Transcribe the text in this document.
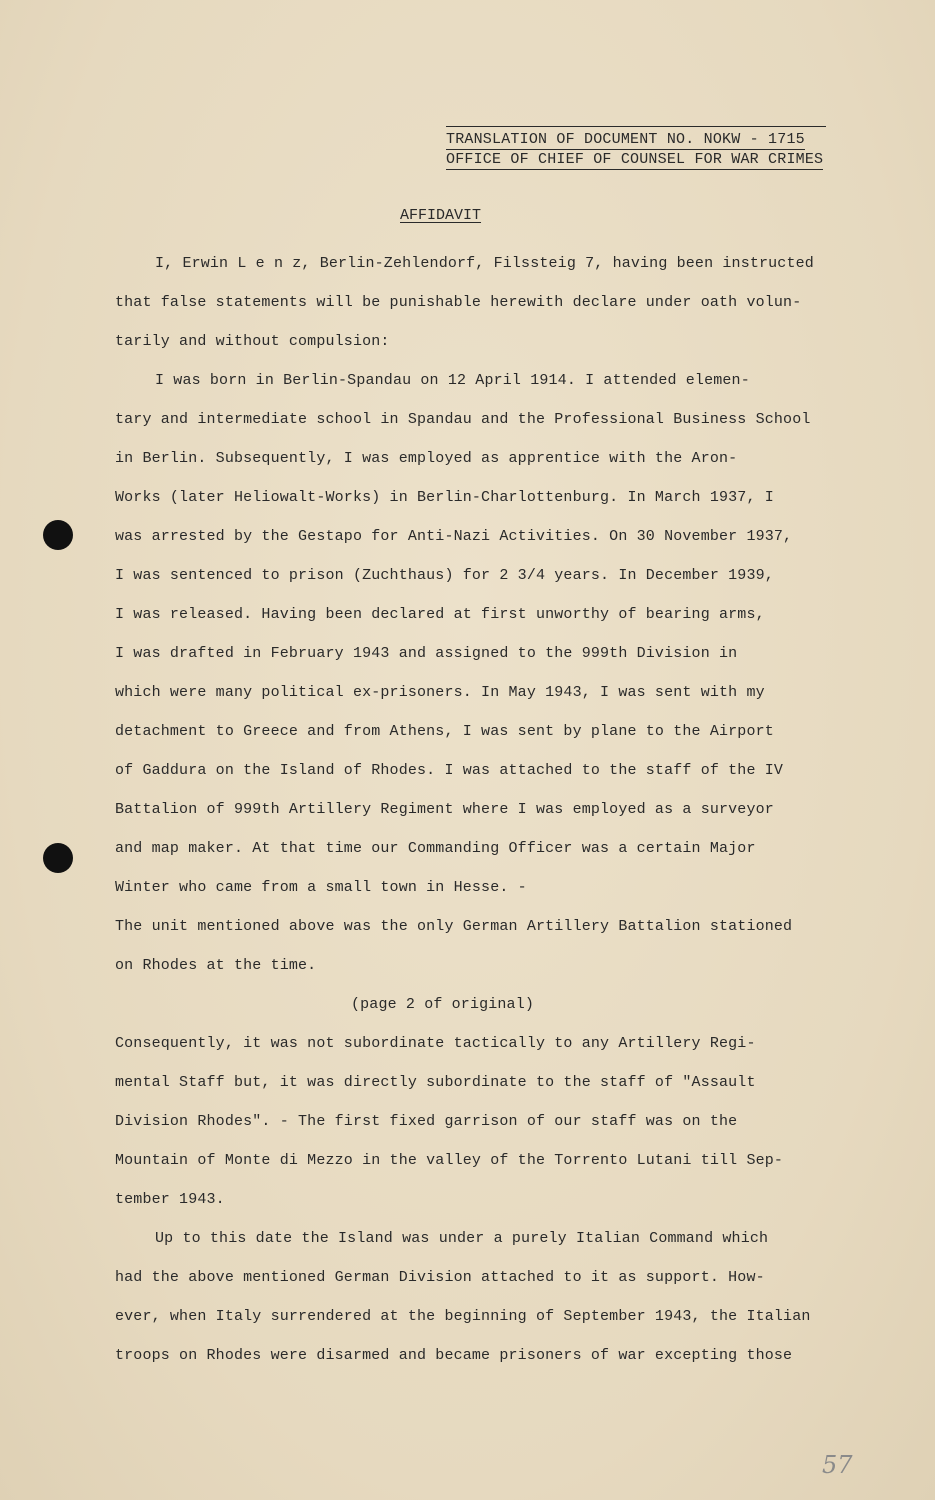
TRANSLATION OF DOCUMENT NO. NOKW - 1715
OFFICE OF CHIEF OF COUNSEL FOR WAR CRIMES
AFFIDAVIT
I, Erwin L e n z, Berlin-Zehlendorf, Filssteig 7, having been instructed
that false statements will be punishable herewith declare under oath volun-
tarily and without compulsion:
I was born in Berlin-Spandau on 12 April 1914. I attended elemen-
tary and intermediate school in Spandau and the Professional Business School
in Berlin. Subsequently, I was employed as apprentice with the Aron-
Works (later Heliowalt-Works) in Berlin-Charlottenburg. In March 1937, I
was arrested by the Gestapo for Anti-Nazi Activities. On 30 November 1937,
I was sentenced to prison (Zuchthaus) for 2 3/4 years. In December 1939,
I was released. Having been declared at first unworthy of bearing arms,
I was drafted in February 1943 and assigned to the 999th Division in
which were many political ex-prisoners. In May 1943, I was sent with my
detachment to Greece and from Athens, I was sent by plane to the Airport
of Gaddura on the Island of Rhodes. I was attached to the staff of the IV
Battalion of 999th Artillery Regiment where I was employed as a surveyor
and map maker. At that time our Commanding Officer was a certain Major
Winter who came from a small town in Hesse. -
The unit mentioned above was the only German Artillery Battalion stationed
on Rhodes at the time.
(page 2 of original)
Consequently, it was not subordinate tactically to any Artillery Regi-
mental Staff but, it was directly subordinate to the staff of "Assault
Division Rhodes". - The first fixed garrison of our staff was on the
Mountain of Monte di Mezzo in the valley of the Torrento Lutani till Sep-
tember 1943.
Up to this date the Island was under a purely Italian Command which
had the above mentioned German Division attached to it as support. How-
ever, when Italy surrendered at the beginning of September 1943, the Italian
troops on Rhodes were disarmed and became prisoners of war excepting those
57
